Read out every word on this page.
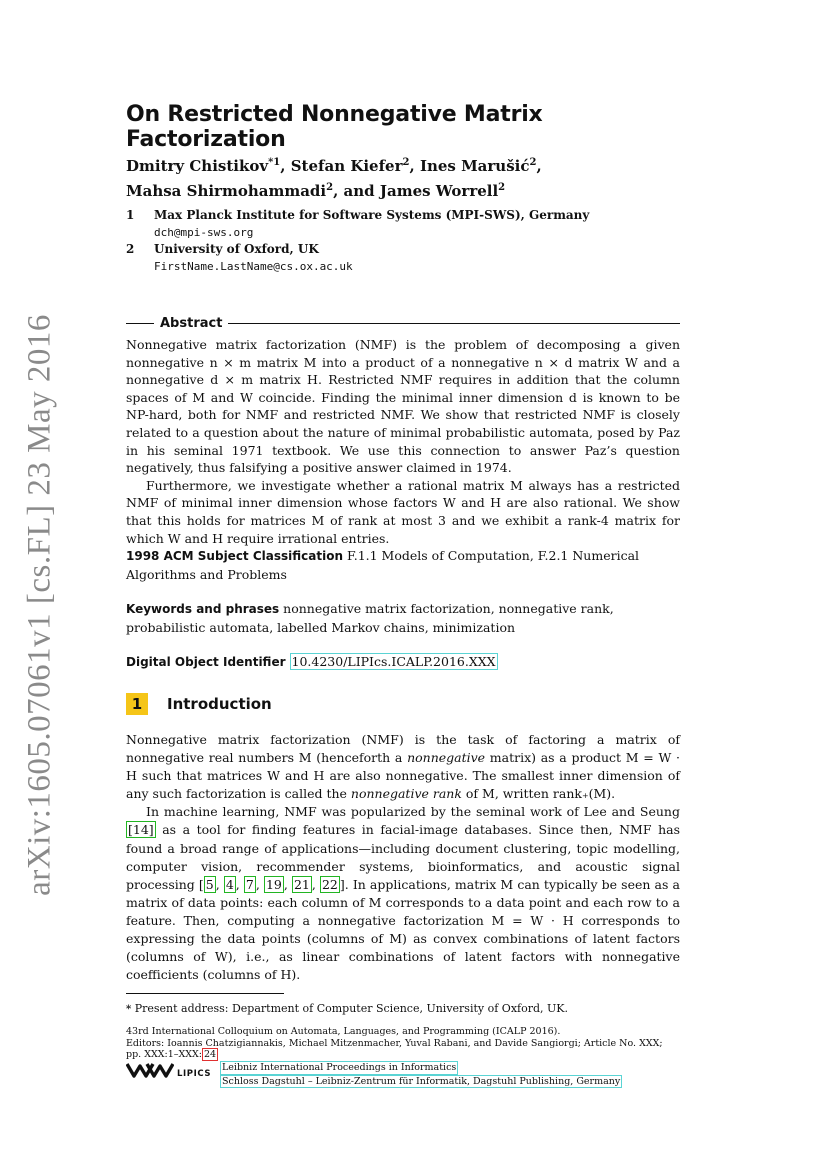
arXiv:1605.07061v1 [cs.FL] 23 May 2016
On Restricted Nonnegative Matrix Factorization
Dmitry Chistikov$^{*1}$, Stefan Kiefer$^2$, Ines Marušić$^2$,
Mahsa Shirmohammadi$^2$, and James Worrell$^2$
1	Max Planck Institute for Software Systems (MPI-SWS), Germany
dch@mpi-sws.org
2	University of Oxford, UK
FirstName.LastName@cs.ox.ac.uk
Abstract

Nonnegative matrix factorization (NMF) is the problem of decomposing a given nonnegative n × m matrix M into a product of a nonnegative n × d matrix W and a nonnegative d × m matrix H. Restricted NMF requires in addition that the column spaces of M and W coincide. Finding the minimal inner dimension d is known to be NP-hard, both for NMF and restricted NMF. We show that restricted NMF is closely related to a question about the nature of minimal probabilistic automata, posed by Paz in his seminal 1971 textbook. We use this connection to answer Paz’s question negatively, thus falsifying a positive answer claimed in 1974.

Furthermore, we investigate whether a rational matrix M always has a restricted NMF of minimal inner dimension whose factors W and H are also rational. We show that this holds for matrices M of rank at most 3 and we exhibit a rank-4 matrix for which W and H require irrational entries.

1998 ACM Subject Classification F.1.1 Models of Computation, F.2.1 Numerical Algorithms and Problems
Keywords and phrases nonnegative matrix factorization, nonnegative rank, probabilistic automata, labelled Markov chains, minimization
Digital Object Identifier 10.4230/LIPIcs.ICALP.2016.XXX
1	Introduction

Nonnegative matrix factorization (NMF) is the task of factoring a matrix of nonnegative real numbers M (henceforth a nonnegative matrix) as a product M = W · H such that matrices W and H are also nonnegative. The smallest inner dimension of any such factorization is called the nonnegative rank of M, written rank₊(M).

In machine learning, NMF was popularized by the seminal work of Lee and Seung [14] as a tool for finding features in facial-image databases. Since then, NMF has found a broad range of applications—including document clustering, topic modelling, computer vision, recommender systems, bioinformatics, and acoustic signal processing [ 5 , 4 , 7 , 19 , 21 , 22 ]. In applications, matrix M can typically be seen as a matrix of data points: each column of M corresponds to a data point and each row to a feature. Then, computing a nonnegative factorization M = W · H corresponds to expressing the data points (columns of M) as convex combinations of latent factors (columns of W), i.e., as linear combinations of latent factors with nonnegative coefficients (columns of H).

* Present address: Department of Computer Science, University of Oxford, UK.
43rd International Colloquium on Automata, Languages, and Programming (ICALP 2016).
Editors: Ioannis Chatzigiannakis, Michael Mitzenmacher, Yuval Rabani, and Davide Sangiorgi; Article No. XXX;
pp. XXX:1–XXX: 24
LIPICS
Leibniz International Proceedings in Informatics
Schloss Dagstuhl – Leibniz-Zentrum für Informatik, Dagstuhl Publishing, Germany
